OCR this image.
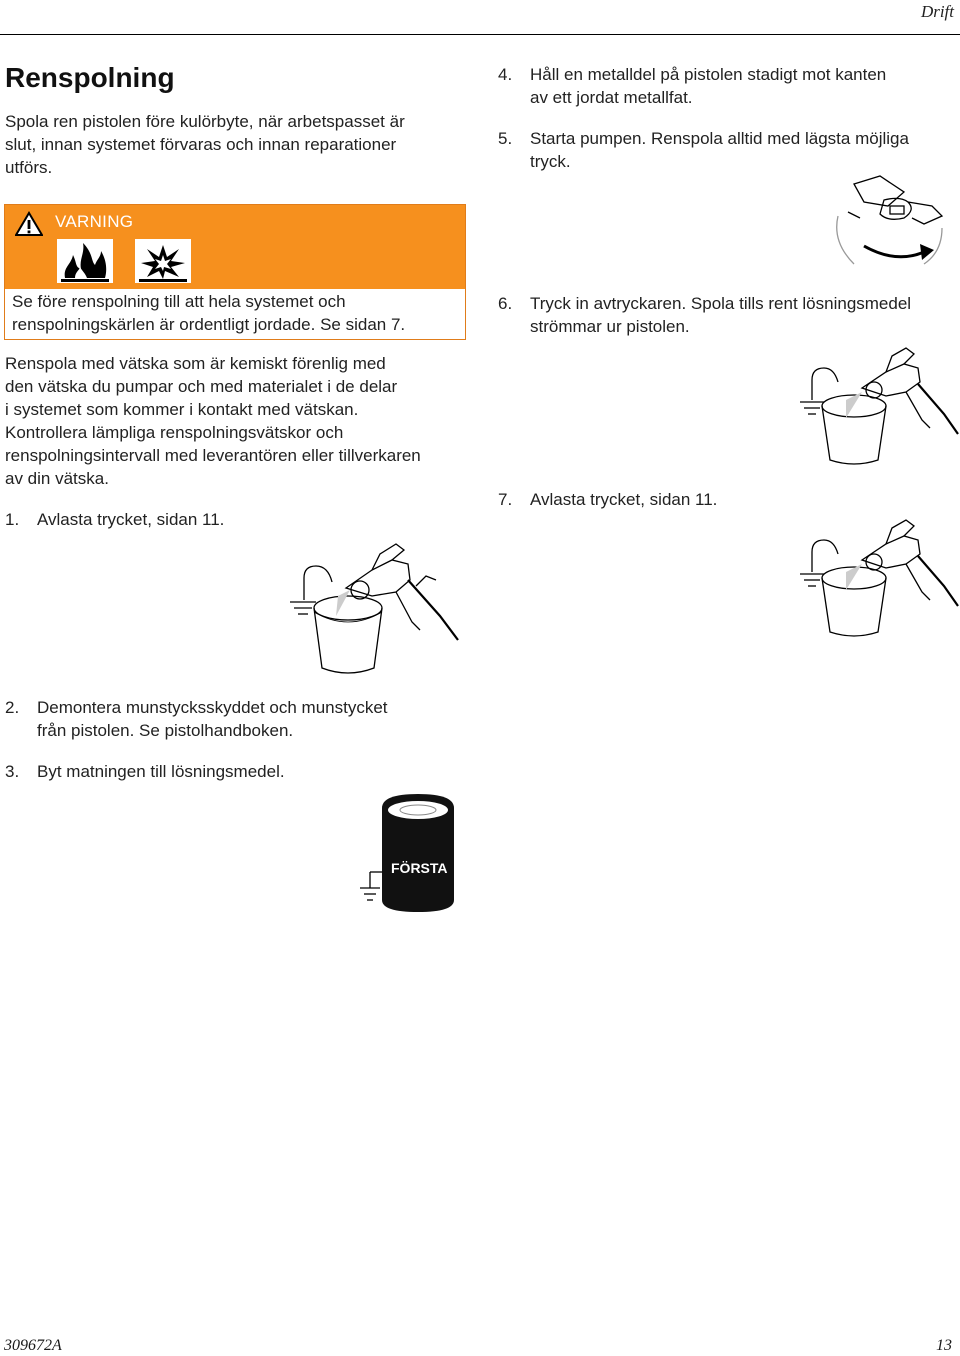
Drift
Renspolning

Spola ren pistolen före kulörbyte, när arbetspasset är

slut, innan systemet förvaras och innan reparationer

utförs.

VARNING
Se före renspolning till att hela systemet och
renspolningskärlen är ordentligt jordade. Se sidan 7.

Renspola med vätska som är kemiskt förenlig med

den vätska du pumpar och med materialet i de delar

i systemet som kommer i kontakt med vätskan.

Kontrollera lämpliga renspolningsvätskor och

renspolningsintervall med leverantören eller tillverkaren

av din vätska.

1.	Avlasta trycket, sidan 11.
2.	Demontera munstycksskyddet och munstycket
från pistolen. Se pistolhandboken.
3.	Byt matningen till lösningsmedel.
FÖRSTA
4.	Håll en metalldel på pistolen stadigt mot kanten
av ett jordat metallfat.
5.	Starta pumpen. Renspola alltid med lägsta möjliga
tryck.
6.	Tryck in avtryckaren. Spola tills rent lösningsmedel
strömmar ur pistolen.
7.	Avlasta trycket, sidan 11.
309672A	13
